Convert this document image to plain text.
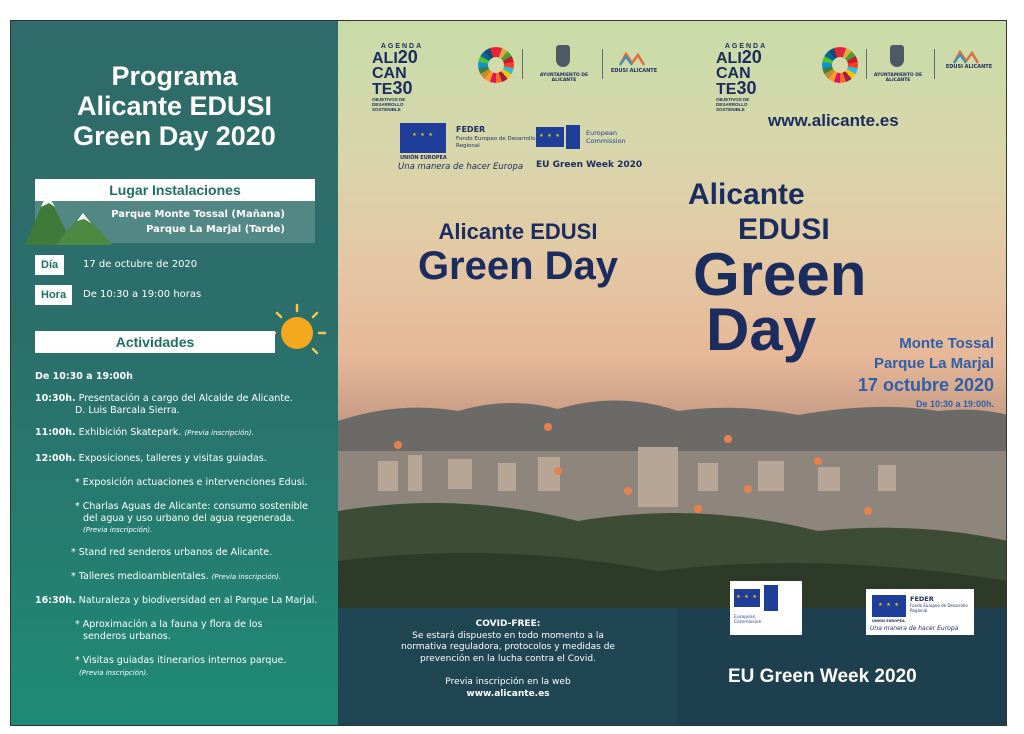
Programa
Alicante EDUSI
Green Day 2020
Lugar Instalaciones
Parque Monte Tossal (Mañana)
Parque La Marjal (Tarde)
Día	17 de octubre de 2020
Hora	De 10:30 a 19:00 horas
Actividades
De 10:30 a 19:00h
10:30h. Presentación a cargo del Alcalde de Alicante.
D. Luis Barcala Sierra.
11:00h. Exhibición Skatepark. (Previa inscripción).
12:00h. Exposiciones, talleres y visitas guiadas.
* Exposición actuaciones e intervenciones Edusi.
* Charlas Aguas de Alicante: consumo sostenible
del agua y uso urbano del agua regenerada.
(Previa inscripción).
* Stand red senderos urbanos de Alicante.
* Talleres medioambientales. (Previa inscripción).
16:30h. Naturaleza y biodiversidad en al Parque La Marjal.
* Aproximación a la fauna y flora de los
senderos urbanos.
* Visitas guiadas itinerarios internos parque.
(Previa inscripción).
AGENDA
ALI20
CAN
TE30
OBJETIVOS DE DESARROLLO SOSTENIBLE
AYUNTAMIENTO DE ALICANTE
EDUSI ALICANTE
AGENDA
ALI20
CAN
TE30
OBJETIVOS DE DESARROLLO SOSTENIBLE
AYUNTAMIENTO DE ALICANTE
EDUSI ALICANTE
★ ★ ★
FEDER
Fondo Europeo de Desarrollo Regional
UNIÓN EUROPEA
Una manera de hacer Europa
★ ★ ★
European Commission
EU Green Week 2020
www.alicante.es
Alicante EDUSI
Green Day
Alicante
EDUSI
Green
Day	Monte Tossal
Parque La Marjal
17 octubre 2020
De 10:30 a 19:00h.
★ ★ ★
European Commission
★ ★ ★
FEDER
Fondo Europeo de Desarrollo Regional
UNIÓN EUROPEA
Una manera de hacer Europa
COVID-FREE:
Se estará dispuesto en todo momento a la
normativa reguladora, protocolos y medidas de
prevención en la lucha contra el Covid.
Previa inscripción en la web
www.alicante.es
EU Green Week 2020
